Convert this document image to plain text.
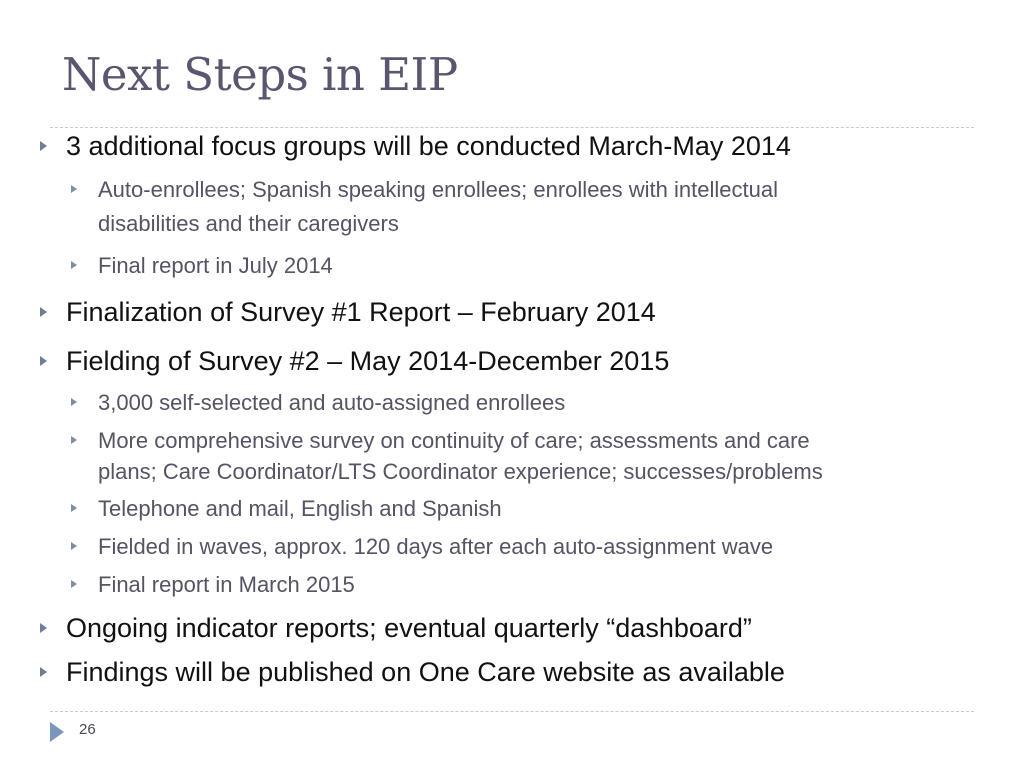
Next Steps in EIP
3 additional focus groups will be conducted March-May 2014
Auto-enrollees; Spanish speaking enrollees; enrollees with intellectual
disabilities and their caregivers
Final report in July 2014
Finalization of Survey #1 Report – February 2014
Fielding of Survey #2 – May 2014-December 2015
3,000 self-selected and auto-assigned enrollees
More comprehensive survey on continuity of care; assessments and care
plans; Care Coordinator/LTS Coordinator experience; successes/problems
Telephone and mail, English and Spanish
Fielded in waves, approx. 120 days after each auto-assignment wave
Final report in March 2015
Ongoing indicator reports; eventual quarterly “dashboard”
Findings will be published on One Care website as available
26
